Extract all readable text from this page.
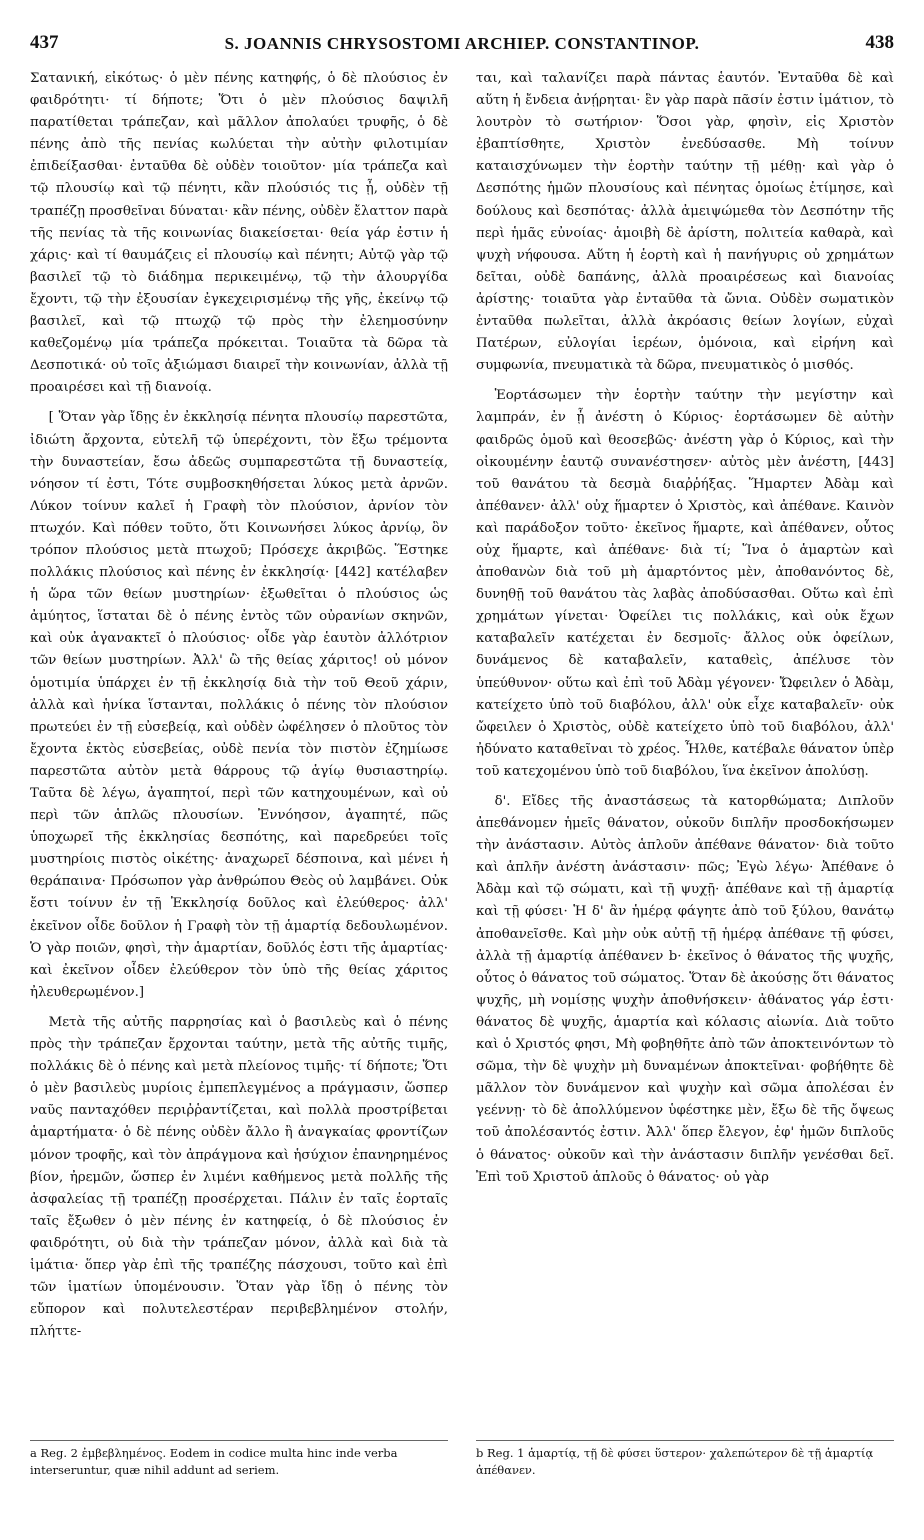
437	S. JOANNIS CHRYSOSTOMI ARCHIEP. CONSTANTINOP.	438

Σατανική, εἰκότως· ὁ μὲν πένης κατηφής, ὁ δὲ πλούσιος ἐν φαιδρότητι· τί δήποτε; Ὅτι ὁ μὲν πλούσιος δαψιλῆ παρατίθεται τράπεζαν, καὶ μᾶλλον ἀπολαύει τρυφῆς, ὁ δὲ πένης ἀπὸ τῆς πενίας κωλύεται τὴν αὐτὴν φιλοτιμίαν ἐπιδείξασθαι· ἐνταῦθα δὲ οὐδὲν τοιοῦτον· μία τράπεζα καὶ τῷ πλουσίῳ καὶ τῷ πένητι, κἂν πλούσιός τις ᾖ, οὐδὲν τῇ τραπέζῃ προσθεῖναι δύναται· κἂν πένης, οὐδὲν ἔλαττον παρὰ τῆς πενίας τὰ τῆς κοινωνίας διακείσεται· θεία γάρ ἐστιν ἡ χάρις· καὶ τί θαυμάζεις εἰ πλουσίῳ καὶ πένητι; Αὐτῷ γὰρ τῷ βασιλεῖ τῷ τὸ διάδημα περικειμένῳ, τῷ τὴν ἁλουργίδα ἔχοντι, τῷ τὴν ἐξουσίαν ἐγκεχειρισμένῳ τῆς γῆς, ἐκείνῳ τῷ βασιλεῖ, καὶ τῷ πτωχῷ τῷ πρὸς τὴν ἐλεημοσύνην καθεζομένῳ μία τράπεζα πρόκειται. Τοιαῦτα τὰ δῶρα τὰ Δεσποτικά· οὐ τοῖς ἀξιώμασι διαιρεῖ τὴν κοινωνίαν, ἀλλὰ τῇ προαιρέσει καὶ τῇ διανοίᾳ.

[ Ὅταν γὰρ ἴδῃς ἐν ἐκκλησίᾳ πένητα πλουσίῳ παρεστῶτα, ἰδιώτη ἄρχοντα, εὐτελῆ τῷ ὑπερέχοντι, τὸν ἔξω τρέμοντα τὴν δυναστείαν, ἔσω ἀδεῶς συμπαρεστῶτα τῇ δυναστείᾳ, νόησον τί ἐστι, Τότε συμβοσκηθήσεται λύκος μετὰ ἀρνῶν. Λύκον τοίνυν καλεῖ ἡ Γραφὴ τὸν πλούσιον, ἀρνίον τὸν πτωχόν. Καὶ πόθεν τοῦτο, ὅτι Κοινωνήσει λύκος ἀρνίῳ, ὃν τρόπον πλούσιος μετὰ πτωχοῦ; Πρόσεχε ἀκριβῶς. Ἕστηκε πολλάκις πλούσιος καὶ πένης ἐν ἐκκλησίᾳ· [442] κατέλαβεν ἡ ὥρα τῶν θείων μυστηρίων· ἐξωθεῖται ὁ πλούσιος ὡς ἀμύητος, ἵσταται δὲ ὁ πένης ἐντὸς τῶν οὐρανίων σκηνῶν, καὶ οὐκ ἀγανακτεῖ ὁ πλούσιος· οἶδε γὰρ ἑαυτὸν ἀλλότριον τῶν θείων μυστηρίων. Ἀλλ' ὢ τῆς θείας χάριτος! οὐ μόνον ὁμοτιμία ὑπάρχει ἐν τῇ ἐκκλησίᾳ διὰ τὴν τοῦ Θεοῦ χάριν, ἀλλὰ καὶ ἡνίκα ἵστανται, πολλάκις ὁ πένης τὸν πλούσιον πρωτεύει ἐν τῇ εὐσεβείᾳ, καὶ οὐδὲν ὠφέλησεν ὁ πλοῦτος τὸν ἔχοντα ἐκτὸς εὐσεβείας, οὐδὲ πενία τὸν πιστὸν ἐζημίωσε παρεστῶτα αὐτὸν μετὰ θάρρους τῷ ἁγίῳ θυσιαστηρίῳ. Ταῦτα δὲ λέγω, ἀγαπητοί, περὶ τῶν κατηχουμένων, καὶ οὐ περὶ τῶν ἁπλῶς πλουσίων. Ἐννόησον, ἀγαπητέ, πῶς ὑποχωρεῖ τῆς ἐκκλησίας δεσπότης, καὶ παρεδρεύει τοῖς μυστηρίοις πιστὸς οἰκέτης· ἀναχωρεῖ δέσποινα, καὶ μένει ἡ θεράπαινα· Πρόσωπον γὰρ ἀνθρώπου Θεὸς οὐ λαμβάνει. Οὐκ ἔστι τοίνυν ἐν τῇ Ἐκκλησίᾳ δοῦλος καὶ ἐλεύθερος· ἀλλ' ἐκεῖνον οἶδε δοῦλον ἡ Γραφὴ τὸν τῇ ἁμαρτίᾳ δεδουλωμένον. Ὁ γὰρ ποιῶν, φησὶ, τὴν ἁμαρτίαν, δοῦλός ἐστι τῆς ἁμαρτίας· καὶ ἐκεῖνον οἶδεν ἐλεύθερον τὸν ὑπὸ τῆς θείας χάριτος ἠλευθερωμένον.]

Μετὰ τῆς αὐτῆς παρρησίας καὶ ὁ βασιλεὺς καὶ ὁ πένης πρὸς τὴν τράπεζαν ἔρχονται ταύτην, μετὰ τῆς αὐτῆς τιμῆς, πολλάκις δὲ ὁ πένης καὶ μετὰ πλείονος τιμῆς· τί δήποτε; Ὅτι ὁ μὲν βασιλεὺς μυρίοις ἐμπεπλεγμένος a πράγμασιν, ὥσπερ ναῦς πανταχόθεν περιῤῥαντίζεται, καὶ πολλὰ προστρίβεται ἁμαρτήματα· ὁ δὲ πένης οὐδὲν ἄλλο ἢ ἀναγκαίας φροντίζων μόνον τροφῆς, καὶ τὸν ἀπράγμονα καὶ ἡσύχιον ἐπανηρημένος βίον, ἠρεμῶν, ὥσπερ ἐν λιμένι καθήμενος μετὰ πολλῆς τῆς ἀσφαλείας τῇ τραπέζῃ προσέρχεται. Πάλιν ἐν ταῖς ἑορταῖς ταῖς ἔξωθεν ὁ μὲν πένης ἐν κατηφείᾳ, ὁ δὲ πλούσιος ἐν φαιδρότητι, οὐ διὰ τὴν τράπεζαν μόνον, ἀλλὰ καὶ διὰ τὰ ἱμάτια· ὅπερ γὰρ ἐπὶ τῆς τραπέζης πάσχουσι, τοῦτο καὶ ἐπὶ τῶν ἱματίων ὑπομένουσιν. Ὅταν γὰρ ἴδῃ ὁ πένης τὸν εὔπορον καὶ πολυτελεστέραν περιβεβλημένον στολήν, πλήττε-

ται, καὶ ταλανίζει παρὰ πάντας ἑαυτόν. Ἐνταῦθα δὲ καὶ αὕτη ἡ ἔνδεια ἀνῄρηται· ἓν γὰρ παρὰ πᾶσίν ἐστιν ἱμάτιον, τὸ λουτρὸν τὸ σωτήριον· Ὅσοι γὰρ, φησὶν, εἰς Χριστὸν ἐβαπτίσθητε, Χριστὸν ἐνεδύσασθε. Μὴ τοίνυν καταισχύνωμεν τὴν ἑορτὴν ταύτην τῇ μέθῃ· καὶ γὰρ ὁ Δεσπότης ἡμῶν πλουσίους καὶ πένητας ὁμοίως ἐτίμησε, καὶ δούλους καὶ δεσπότας· ἀλλὰ ἀμειψώμεθα τὸν Δεσπότην τῆς περὶ ἡμᾶς εὐνοίας· ἀμοιβὴ δὲ ἀρίστη, πολιτεία καθαρὰ, καὶ ψυχὴ νήφουσα. Αὕτη ἡ ἑορτὴ καὶ ἡ πανήγυρις οὐ χρημάτων δεῖται, οὐδὲ δαπάνης, ἀλλὰ προαιρέσεως καὶ διανοίας ἀρίστης· τοιαῦτα γὰρ ἐνταῦθα τὰ ὤνια. Οὐδὲν σωματικὸν ἐνταῦθα πωλεῖται, ἀλλὰ ἀκρόασις θείων λογίων, εὐχαὶ Πατέρων, εὐλογίαι ἱερέων, ὁμόνοια, καὶ εἰρήνη καὶ συμφωνία, πνευματικὰ τὰ δῶρα, πνευματικὸς ὁ μισθός.

Ἑορτάσωμεν τὴν ἑορτὴν ταύτην τὴν μεγίστην καὶ λαμπράν, ἐν ᾗ ἀνέστη ὁ Κύριος· ἑορτάσωμεν δὲ αὐτὴν φαιδρῶς ὁμοῦ καὶ θεοσεβῶς· ἀνέστη γὰρ ὁ Κύριος, καὶ τὴν οἰκουμένην ἑαυτῷ συνανέστησεν· αὐτὸς μὲν ἀνέστη, [443] τοῦ θανάτου τὰ δεσμὰ διαῤῥήξας. Ἥμαρτεν Ἀδὰμ καὶ ἀπέθανεν· ἀλλ' οὐχ ἥμαρτεν ὁ Χριστὸς, καὶ ἀπέθανε. Καινὸν καὶ παράδοξον τοῦτο· ἐκεῖνος ἥμαρτε, καὶ ἀπέθανεν, οὗτος οὐχ ἥμαρτε, καὶ ἀπέθανε· διὰ τί; Ἵνα ὁ ἁμαρτὼν καὶ ἀποθανὼν διὰ τοῦ μὴ ἁμαρτόντος μὲν, ἀποθανόντος δὲ, δυνηθῇ τοῦ θανάτου τὰς λαβὰς ἀποδύσασθαι. Οὕτω καὶ ἐπὶ χρημάτων γίνεται· Ὀφείλει τις πολλάκις, καὶ οὐκ ἔχων καταβαλεῖν κατέχεται ἐν δεσμοῖς· ἄλλος οὐκ ὀφείλων, δυνάμενος δὲ καταβαλεῖν, καταθεὶς, ἀπέλυσε τὸν ὑπεύθυνον· οὕτω καὶ ἐπὶ τοῦ Ἀδὰμ γέγονεν· Ὤφειλεν ὁ Ἀδὰμ, κατείχετο ὑπὸ τοῦ διαβόλου, ἀλλ' οὐκ εἶχε καταβαλεῖν· οὐκ ὤφειλεν ὁ Χριστὸς, οὐδὲ κατείχετο ὑπὸ τοῦ διαβόλου, ἀλλ' ἠδύνατο καταθεῖναι τὸ χρέος. Ἦλθε, κατέβαλε θάνατον ὑπὲρ τοῦ κατεχομένου ὑπὸ τοῦ διαβόλου, ἵνα ἐκεῖνον ἀπολύσῃ.

δ'. Εἴδες τῆς ἀναστάσεως τὰ κατορθώματα; Διπλοῦν ἀπεθάνομεν ἡμεῖς θάνατον, οὐκοῦν διπλῆν προσδοκήσωμεν τὴν ἀνάστασιν. Αὐτὸς ἁπλοῦν ἀπέθανε θάνατον· διὰ τοῦτο καὶ ἁπλῆν ἀνέστη ἀνάστασιν· πῶς; Ἐγὼ λέγω· Ἀπέθανε ὁ Ἀδὰμ καὶ τῷ σώματι, καὶ τῇ ψυχῇ· ἀπέθανε καὶ τῇ ἁμαρτίᾳ καὶ τῇ φύσει· Ἡ δ' ἂν ἡμέρᾳ φάγητε ἀπὸ τοῦ ξύλου, θανάτῳ ἀποθανεῖσθε. Καὶ μὴν οὐκ αὐτῇ τῇ ἡμέρᾳ ἀπέθανε τῇ φύσει, ἀλλὰ τῇ ἁμαρτίᾳ ἀπέθανεν b· ἐκεῖνος ὁ θάνατος τῆς ψυχῆς, οὗτος ὁ θάνατος τοῦ σώματος. Ὅταν δὲ ἀκούσῃς ὅτι θάνατος ψυχῆς, μὴ νομίσῃς ψυχὴν ἀποθνήσκειν· ἀθάνατος γάρ ἐστι· θάνατος δὲ ψυχῆς, ἁμαρτία καὶ κόλασις αἰωνία. Διὰ τοῦτο καὶ ὁ Χριστός φησι, Μὴ φοβηθῆτε ἀπὸ τῶν ἀποκτεινόντων τὸ σῶμα, τὴν δὲ ψυχὴν μὴ δυναμένων ἀποκτεῖναι· φοβήθητε δὲ μᾶλλον τὸν δυνάμενον καὶ ψυχὴν καὶ σῶμα ἀπολέσαι ἐν γεέννῃ· τὸ δὲ ἀπολλύμενον ὑφέστηκε μὲν, ἔξω δὲ τῆς ὄψεως τοῦ ἀπολέσαντός ἐστιν. Ἀλλ' ὅπερ ἔλεγον, ἐφ' ἡμῶν διπλοῦς ὁ θάνατος· οὐκοῦν καὶ τὴν ἀνάστασιν διπλῆν γενέσθαι δεῖ. Ἐπὶ τοῦ Χριστοῦ ἁπλοῦς ὁ θάνατος· οὐ γὰρ

a Reg. 2 ἐμβεβλημένος. Eodem in codice multa hinc inde verba interseruntur, quæ nihil addunt ad seriem.
b Reg. 1 ἁμαρτίᾳ, τῇ δὲ φύσει ὕστερον· χαλεπώτερον δὲ τῇ ἁμαρτίᾳ ἀπέθανεν.
